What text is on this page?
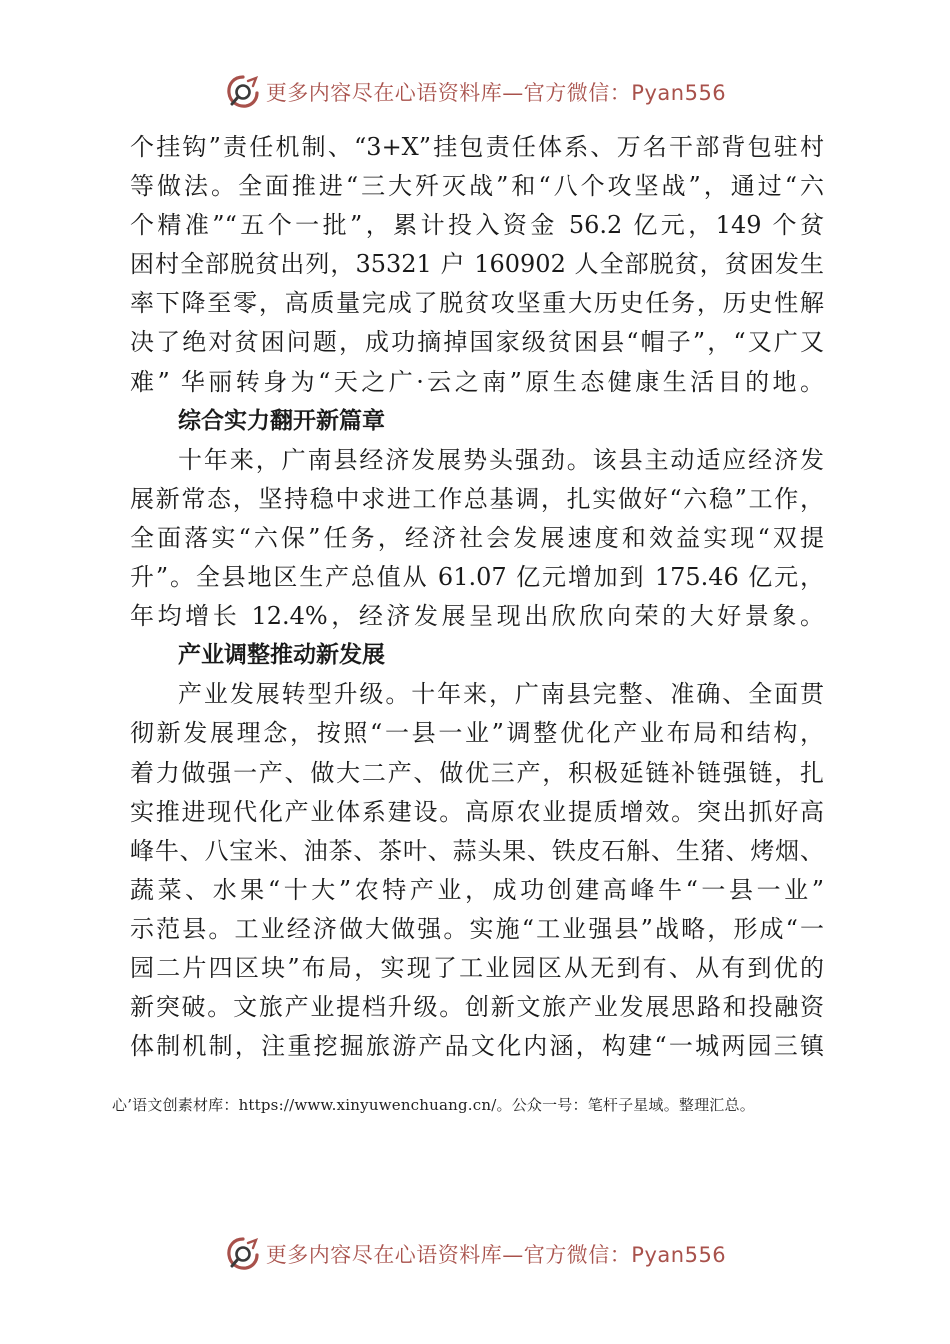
更多内容尽在心语资料库—官方微信：Pyan556

个挂钩”责任机制、“3+X”挂包责任体系、万名干部背包驻村
等做法。全面推进“三大歼灭战”和“八个攻坚战”，通过“六
个精准”“五个一批”，累计投入资金 56.2 亿元，149 个贫
困村全部脱贫出列，35321 户 160902 人全部脱贫，贫困发生
率下降至零，高质量完成了脱贫攻坚重大历史任务，历史性解
决了绝对贫困问题，成功摘掉国家级贫困县“帽子”，“又广又
难” 华丽转身为“天之广·云之南”原生态健康生活目的地。

综合实力翻开新篇章

十年来，广南县经济发展势头强劲。该县主动适应经济发
展新常态，坚持稳中求进工作总基调，扎实做好“六稳”工作，
全面落实“六保”任务，经济社会发展速度和效益实现“双提
升”。全县地区生产总值从 61.07 亿元增加到 175.46 亿元，
年均增长 12.4%，经济发展呈现出欣欣向荣的大好景象。

产业调整推动新发展

产业发展转型升级。十年来，广南县完整、准确、全面贯
彻新发展理念，按照“一县一业”调整优化产业布局和结构，
着力做强一产、做大二产、做优三产，积极延链补链强链，扎
实推进现代化产业体系建设。高原农业提质增效。突出抓好高
峰牛、八宝米、油茶、茶叶、蒜头果、铁皮石斛、生猪、烤烟、
蔬菜、水果“十大”农特产业，成功创建高峰牛“一县一业”
示范县。工业经济做大做强。实施“工业强县”战略，形成“一
园二片四区块”布局，实现了工业园区从无到有、从有到优的
新突破。文旅产业提档升级。创新文旅产业发展思路和投融资
体制机制，注重挖掘旅游产品文化内涵，构建“一城两园三镇

心’语文创素材库：https://www.xinyuwenchuang.cn/。公众一号：笔杆子星域。整理汇总。
更多内容尽在心语资料库—官方微信：Pyan556
